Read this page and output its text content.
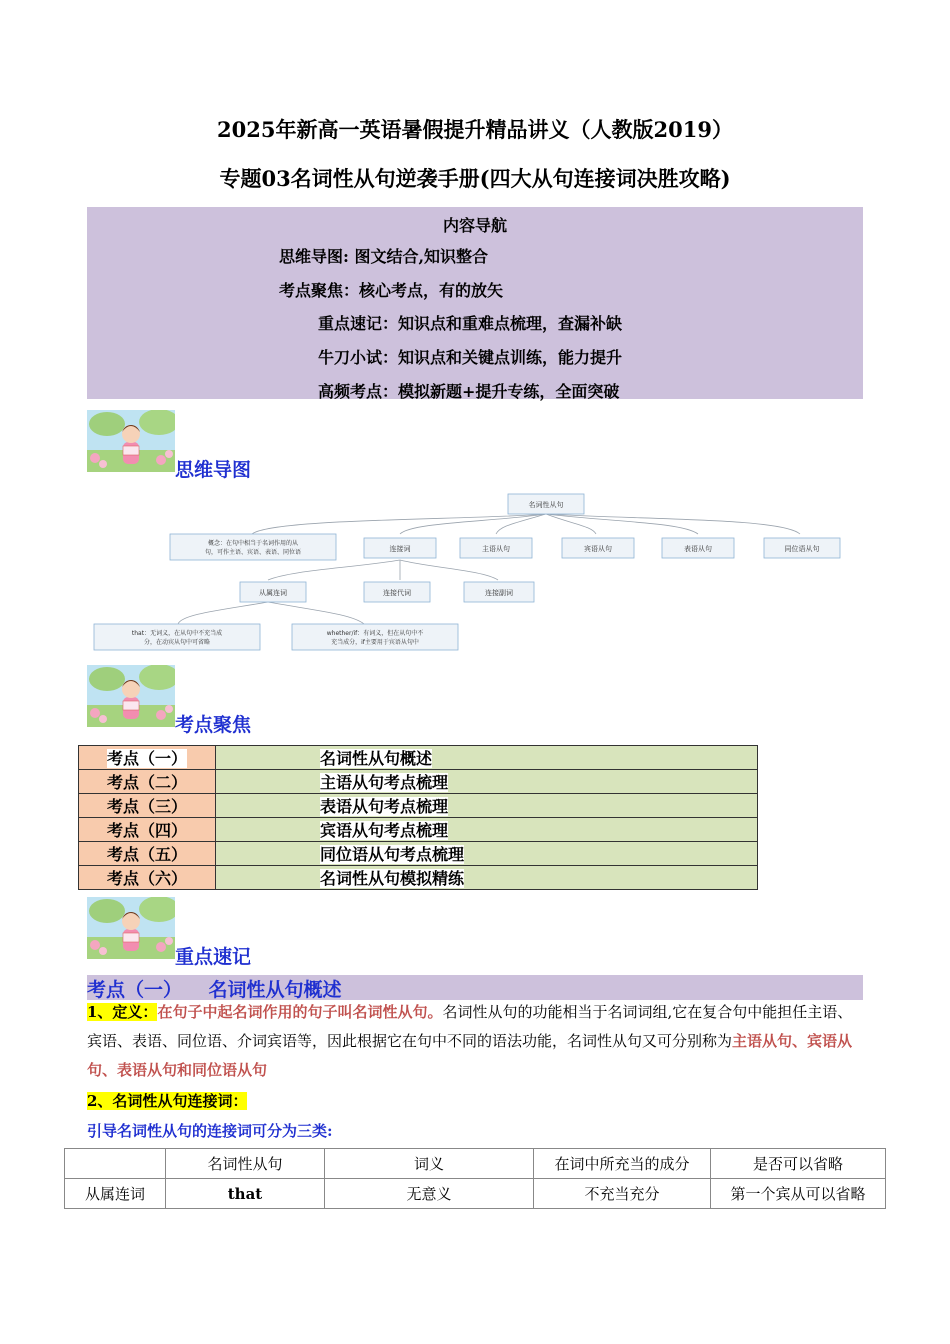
2025年新高一英语暑假提升精品讲义（人教版2019）
专题03名词性从句逆袭手册(四大从句连接词决胜攻略)
内容导航
思维导图: 图文结合,知识整合
考点聚焦：核心考点，有的放矢
重点速记：知识点和重难点梳理，查漏补缺
牛刀小试：知识点和关键点训练，能力提升
高频考点：模拟新题+提升专练，全面突破
思维导图
名词性从句
概念：在句中相当于名词作用的从
句，可作主语、宾语、表语、同位语	连接词	主语从句	宾语从句	表语从句	同位语从句
从属连词	连接代词	连接副词
that：无词义，在从句中不充当成
分，在动宾从句中可省略
whether/if：有词义，但在从句中不
充当成分，if主要用于宾语从句中
考点聚焦
考点（一）	名词性从句概述
考点（二）	主语从句考点梳理
考点（三）	表语从句考点梳理
考点（四）	宾语从句考点梳理
考点（五）	同位语从句考点梳理
考点（六）	名词性从句模拟精练
重点速记
考点（一）    名词性从句概述
1、定义：在句子中起名词作用的句子叫名词性从句。名词性从句的功能相当于名词词组,它在复合句中能担任主语、宾语、表语、同位语、介词宾语等，因此根据它在句中不同的语法功能，名词性从句又可分别称为主语从句、宾语从句、表语从句和同位语从句
2、名词性从句连接词：
引导名词性从句的连接词可分为三类:
	名词性从句	词义	在词中所充当的成分	是否可以省略
从属连词	that	无意义	不充当充分	第一个宾从可以省略
